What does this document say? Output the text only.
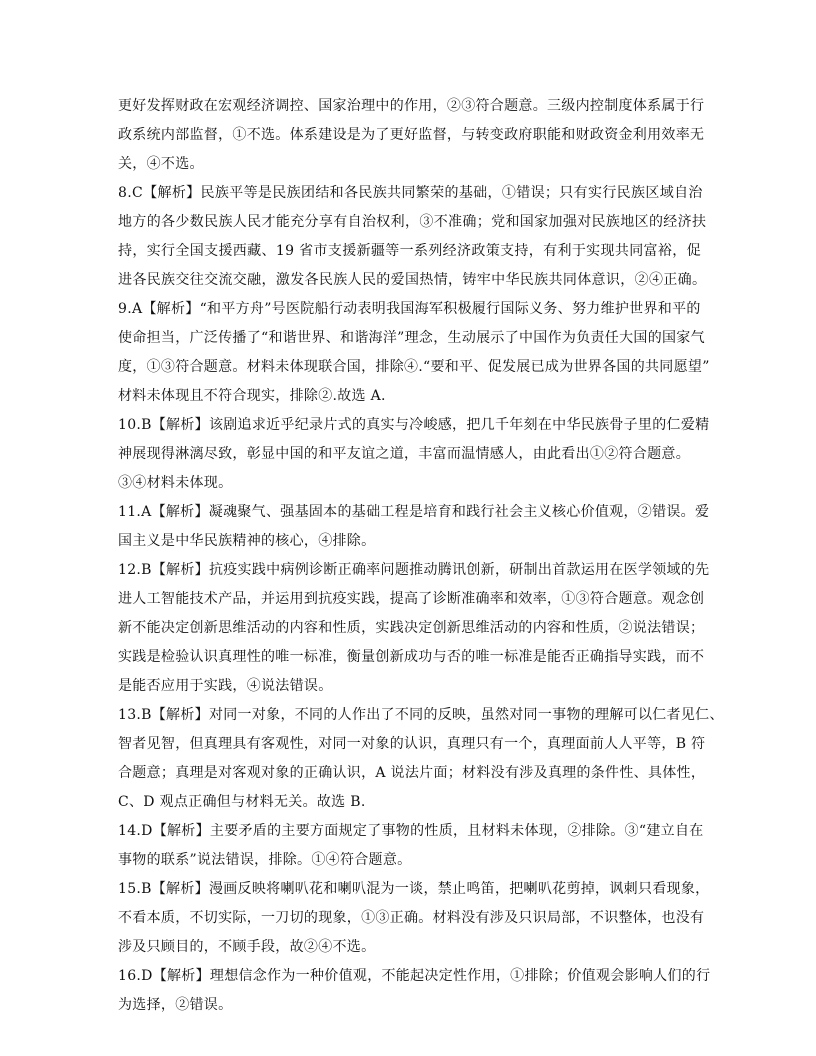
更好发挥财政在宏观经济调控、国家治理中的作用，②③符合题意。三级内控制度体系属于行
政系统内部监督，①不选。体系建设是为了更好监督，与转变政府职能和财政资金利用效率无
关，④不选。
8.C【解析】民族平等是民族团结和各民族共同繁荣的基础，①错误；只有实行民族区域自治
地方的各少数民族人民才能充分享有自治权利，③不准确；党和国家加强对民族地区的经济扶
持，实行全国支援西藏、19 省市支援新疆等一系列经济政策支持，有利于实现共同富裕，促
进各民族交往交流交融，激发各民族人民的爱国热情，铸牢中华民族共同体意识，②④正确。
9.A【解析】“和平方舟”号医院船行动表明我国海军积极履行国际义务、努力维护世界和平的
使命担当，广泛传播了“和谐世界、和谐海洋”理念，生动展示了中国作为负责任大国的国家气
度，①③符合题意。材料未体现联合国，排除④.“要和平、促发展已成为世界各国的共同愿望”
材料未体现且不符合现实，排除②.故选 A.
10.B【解析】该剧追求近乎纪录片式的真实与冷峻感，把几千年刻在中华民族骨子里的仁爱精
神展现得淋漓尽致，彰显中国的和平友谊之道，丰富而温情感人，由此看出①②符合题意。
③④材料未体现。
11.A【解析】凝魂聚气、强基固本的基础工程是培育和践行社会主义核心价值观，②错误。爱
国主义是中华民族精神的核心，④排除。
12.B【解析】抗疫实践中病例诊断正确率问题推动腾讯创新，研制出首款运用在医学领域的先
进人工智能技术产品，并运用到抗疫实践，提高了诊断准确率和效率，①③符合题意。观念创
新不能决定创新思维活动的内容和性质，实践决定创新思维活动的内容和性质，②说法错误；
实践是检验认识真理性的唯一标准，衡量创新成功与否的唯一标准是能否正确指导实践，而不
是能否应用于实践，④说法错误。
13.B【解析】对同一对象，不同的人作出了不同的反映，虽然对同一事物的理解可以仁者见仁、
智者见智，但真理具有客观性，对同一对象的认识，真理只有一个，真理面前人人平等，B 符
合题意；真理是对客观对象的正确认识，A 说法片面；材料没有涉及真理的条件性、具体性，
C、D 观点正确但与材料无关。故选 B.
14.D【解析】主要矛盾的主要方面规定了事物的性质，且材料未体现，②排除。③“建立自在
事物的联系”说法错误，排除。①④符合题意。
15.B【解析】漫画反映将喇叭花和喇叭混为一谈，禁止鸣笛，把喇叭花剪掉，讽刺只看现象，
不看本质，不切实际，一刀切的现象，①③正确。材料没有涉及只识局部，不识整体，也没有
涉及只顾目的，不顾手段，故②④不选。
16.D【解析】理想信念作为一种价值观，不能起决定性作用，①排除；价值观会影响人们的行
为选择，②错误。
